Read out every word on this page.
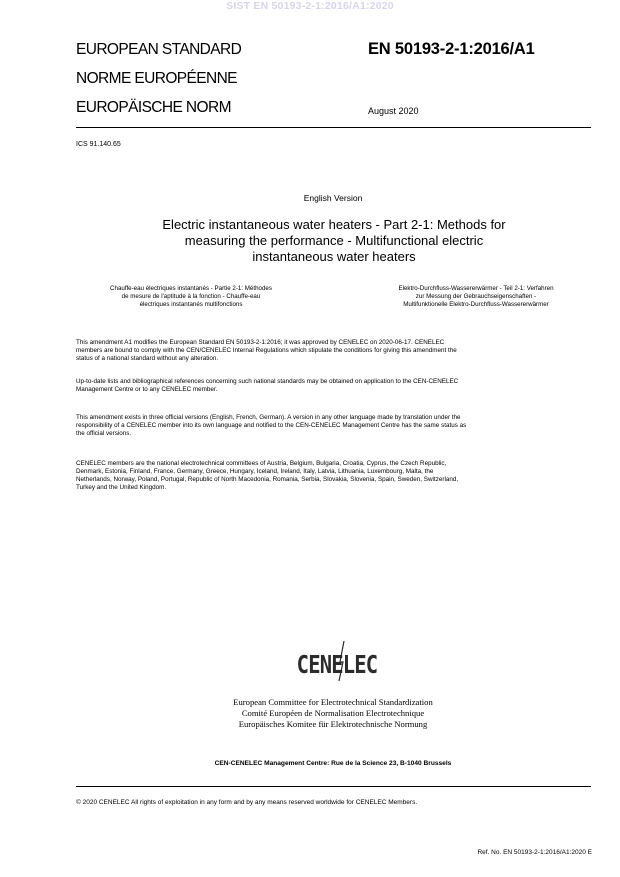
SIST EN 50193-2-1:2016/A1:2020
EUROPEAN STANDARD
NORME EUROPÉENNE
EUROPÄISCHE NORM
EN 50193-2-1:2016/A1
August 2020
ICS 91.140.65
English Version
Electric instantaneous water heaters - Part 2-1: Methods for
measuring the performance - Multifunctional electric
instantaneous water heaters
Chauffe-eau électriques instantanés - Partie 2-1: Méthodes
de mesure de l'aptitude à la fonction - Chauffe-eau
électriques instantanés multifonctions
Elektro-Durchfluss-Wassererwärmer - Teil 2-1: Verfahren
zur Messung der Gebrauchseigenschaften -
Multifunktionelle Elektro-Durchfluss-Wassererwärmer
This amendment A1 modifies the European Standard EN 50193-2-1:2016; it was approved by CENELEC on 2020-06-17. CENELEC
members are bound to comply with the CEN/CENELEC Internal Regulations which stipulate the conditions for giving this amendment the
status of a national standard without any alteration.
Up-to-date lists and bibliographical references concerning such national standards may be obtained on application to the CEN-CENELEC
Management Centre or to any CENELEC member.
This amendment exists in three official versions (English, French, German). A version in any other language made by translation under the
responsibility of a CENELEC member into its own language and notified to the CEN-CENELEC Management Centre has the same status as
the official versions.
CENELEC members are the national electrotechnical committees of Austria, Belgium, Bulgaria, Croatia, Cyprus, the Czech Republic,
Denmark, Estonia, Finland, France, Germany, Greece, Hungary, Iceland, Ireland, Italy, Latvia, Lithuania, Luxembourg, Malta, the
Netherlands, Norway, Poland, Portugal, Republic of North Macedonia, Romania, Serbia, Slovakia, Slovenia, Spain, Sweden, Switzerland,
Turkey and the United Kingdom.
CENELEC
European Committee for Electrotechnical Standardization
Comité Européen de Normalisation Electrotechnique
Europäisches Komitee für Elektrotechnische Normung
CEN-CENELEC Management Centre: Rue de la Science 23, B-1040 Brussels
© 2020 CENELEC All rights of exploitation in any form and by any means reserved worldwide for CENELEC Members.
Ref. No. EN 50193-2-1:2016/A1:2020 E
